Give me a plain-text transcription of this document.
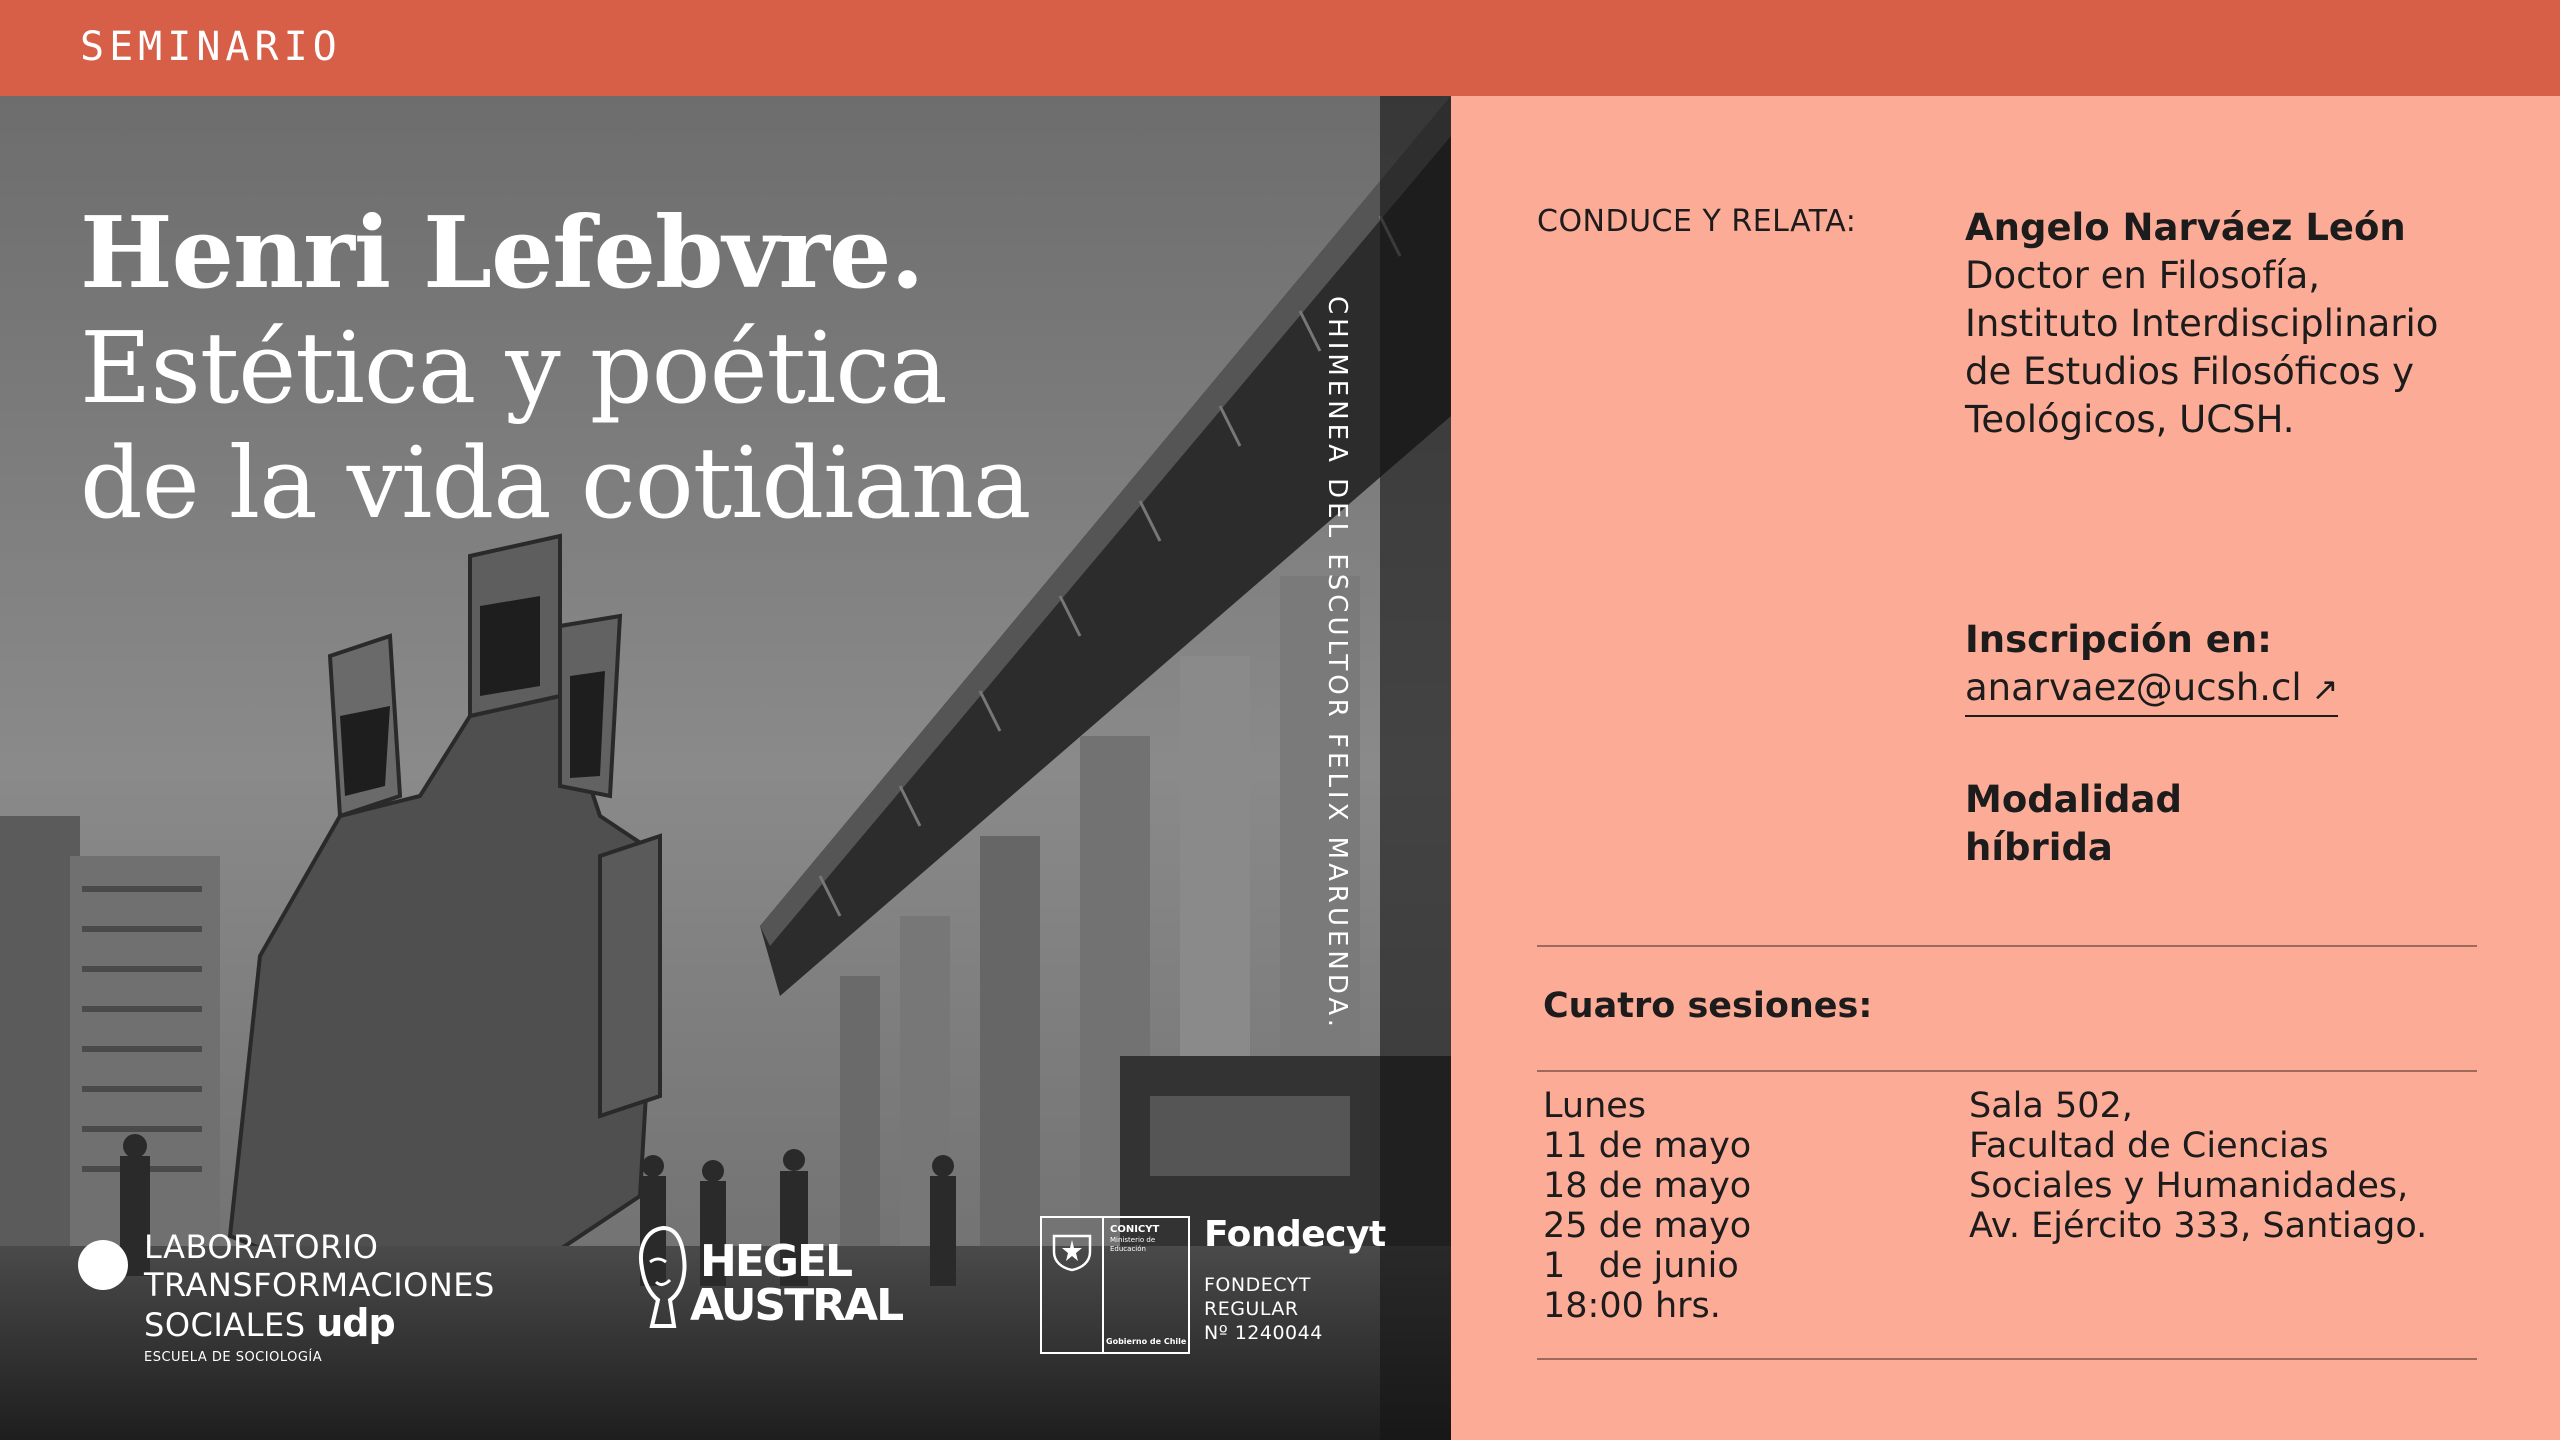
SEMINARIO
Henri Lefebvre.
Estética y poética
de la vida cotidiana	CHIMENEA DEL ESCULTOR FELIX MARUENDA.
LABORATORIO
TRANSFORMACIONES
SOCIALES udp
ESCUELA DE SOCIOLOGÍA
HEGEL
AUSTRAL
CONICYT
Ministerio de Educación
Gobierno de Chile
Fondecyt
FONDECYT
REGULAR
Nº 1240044
CONDUCE Y RELATA:	Angelo Narváez León
Doctor en Filosofía,
Instituto Interdisciplinario
de Estudios Filosóficos y
Teológicos, UCSH.
Inscripción en:
anarvaez@ucsh.cl ↗
Modalidad
híbrida
Cuatro sesiones:
Lunes
11 de mayo
18 de mayo
25 de mayo
1   de junio
18:00 hrs.
Sala 502,
Facultad de Ciencias
Sociales y Humanidades,
Av. Ejército 333, Santiago.
